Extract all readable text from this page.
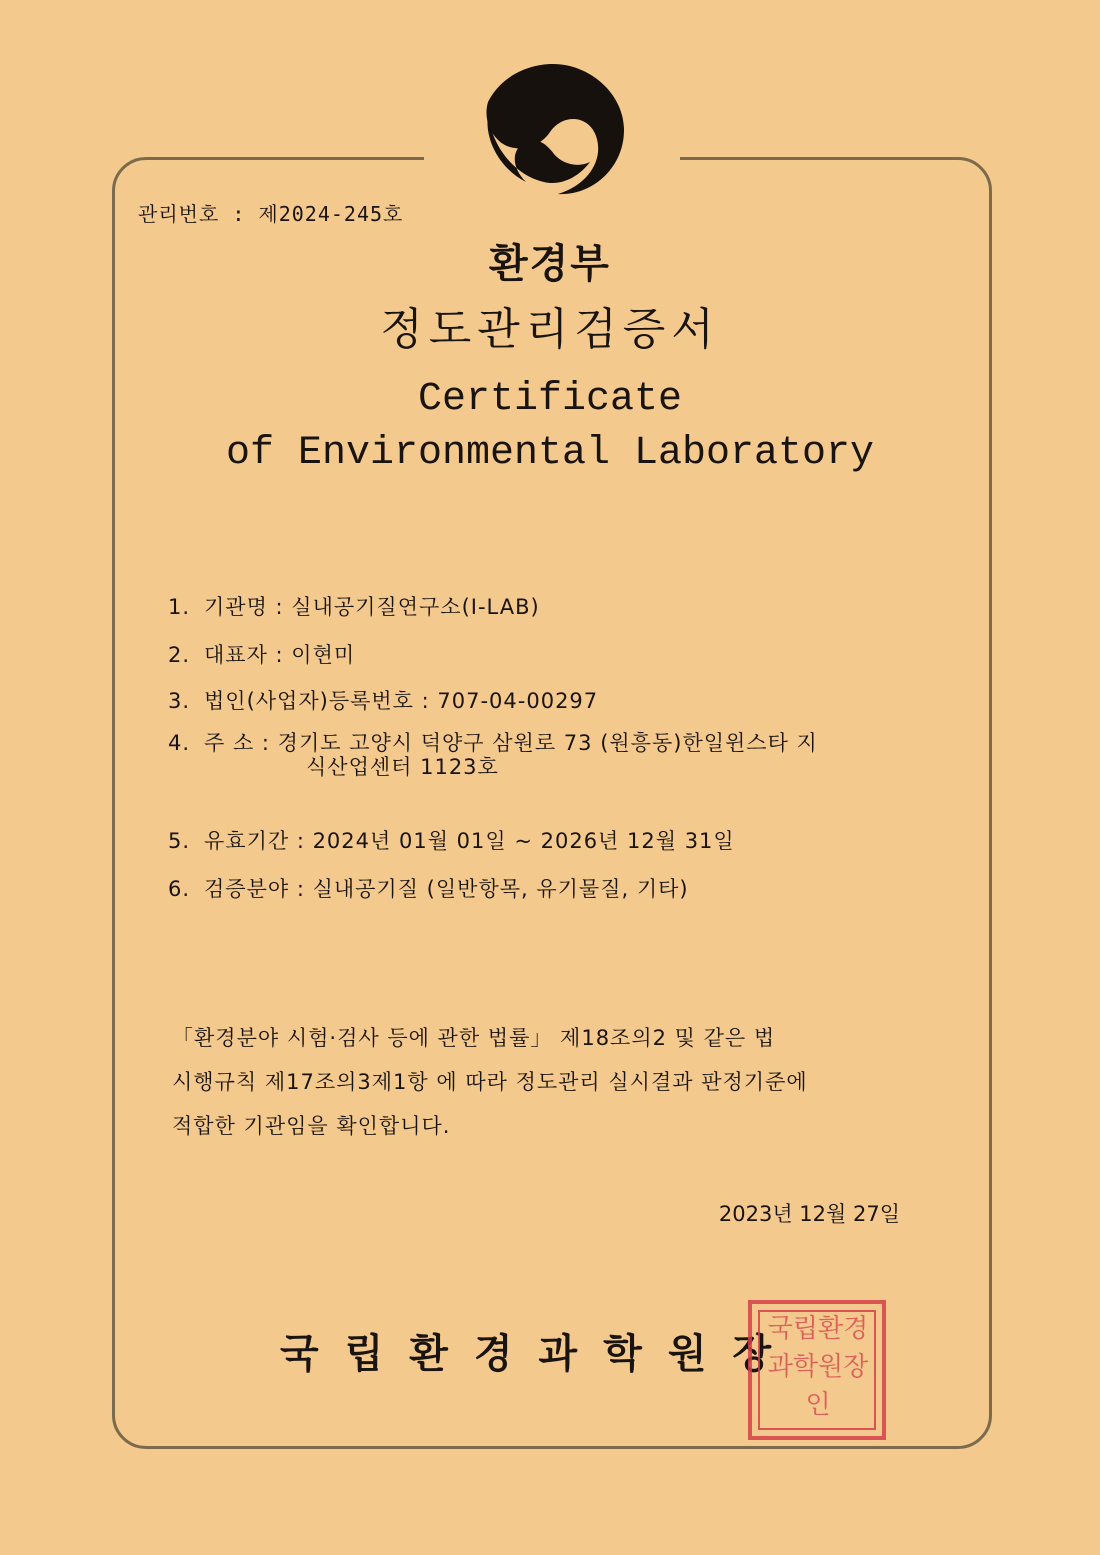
관리번호 : 제2024-245호
환경부
정도관리검증서
Certificate
of Environmental Laboratory
1. 기관명 : 실내공기질연구소(I-LAB)
2. 대표자 : 이현미
3. 법인(사업자)등록번호 : 707-04-00297
4. 주 소 : 경기도 고양시 덕양구 삼원로 73 (원흥동)한일윈스타 지
식산업센터 1123호
5. 유효기간 : 2024년 01월 01일 ~ 2026년 12월 31일
6. 검증분야 : 실내공기질 (일반항목, 유기물질, 기타)
「환경분야 시험·검사 등에 관한 법률」 제18조의2 및 같은 법
시행규칙 제17조의3제1항 에 따라 정도관리 실시결과 판정기준에
적합한 기관임을 확인합니다.
2023년 12월 27일
국립환경과학원장
국립환경과학원장인
